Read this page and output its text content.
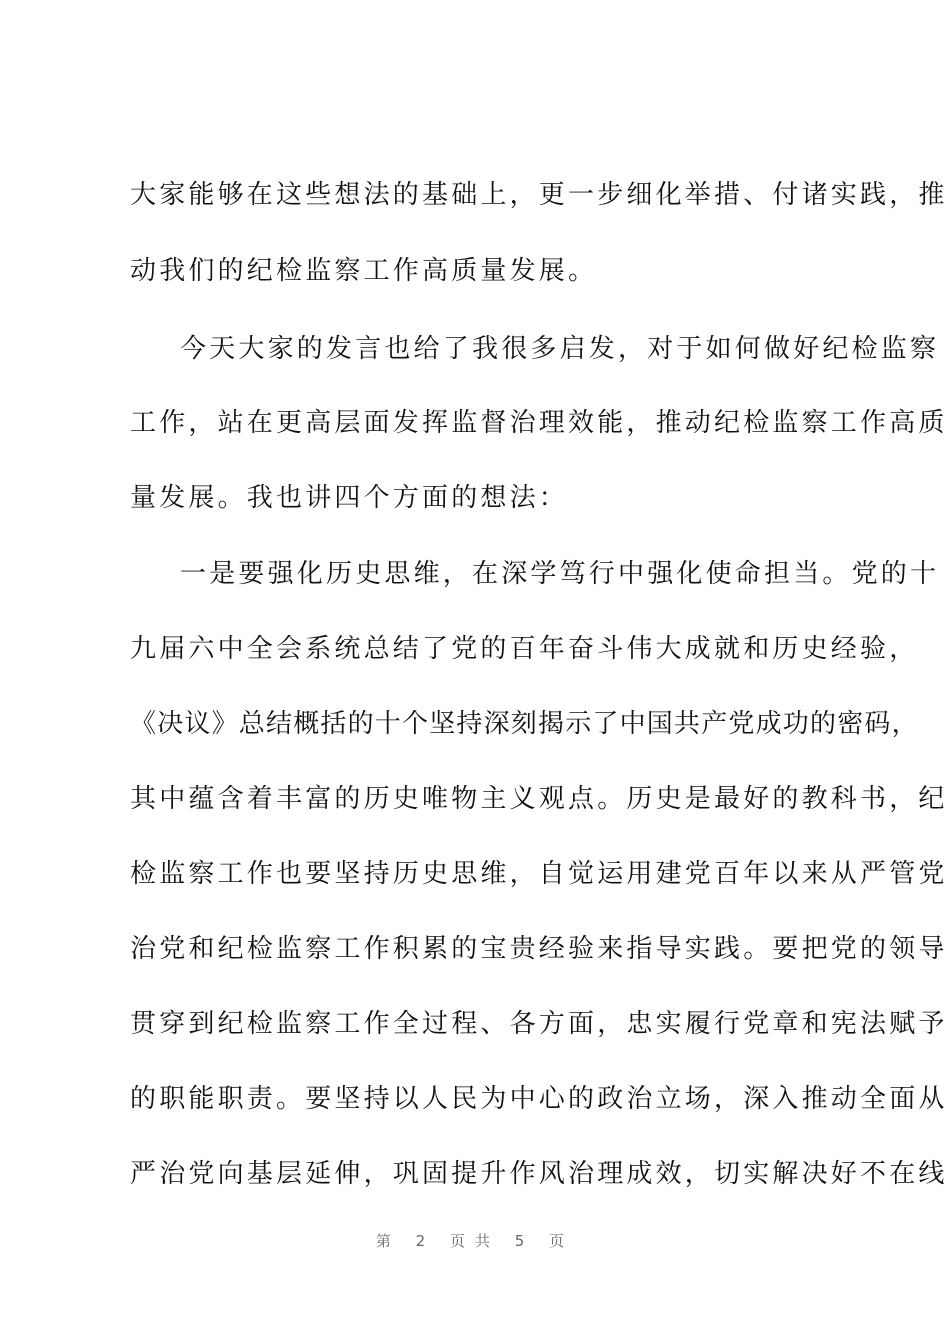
大家能够在这些想法的基础上，更一步细化举措、付诸实践，推
动我们的纪检监察工作高质量发展。
今天大家的发言也给了我很多启发，对于如何做好纪检监察
工作，站在更高层面发挥监督治理效能，推动纪检监察工作高质
量发展。我也讲四个方面的想法：
一是要强化历史思维，在深学笃行中强化使命担当。党的十
九届六中全会系统总结了党的百年奋斗伟大成就和历史经验，
《决议》总结概括的十个坚持深刻揭示了中国共产党成功的密码，
其中蕴含着丰富的历史唯物主义观点。历史是最好的教科书，纪
检监察工作也要坚持历史思维，自觉运用建党百年以来从严管党
治党和纪检监察工作积累的宝贵经验来指导实践。要把党的领导
贯穿到纪检监察工作全过程、各方面，忠实履行党章和宪法赋予
的职能职责。要坚持以人民为中心的政治立场，深入推动全面从
严治党向基层延伸，巩固提升作风治理成效，切实解决好不在线
第 2 页共 5 页
